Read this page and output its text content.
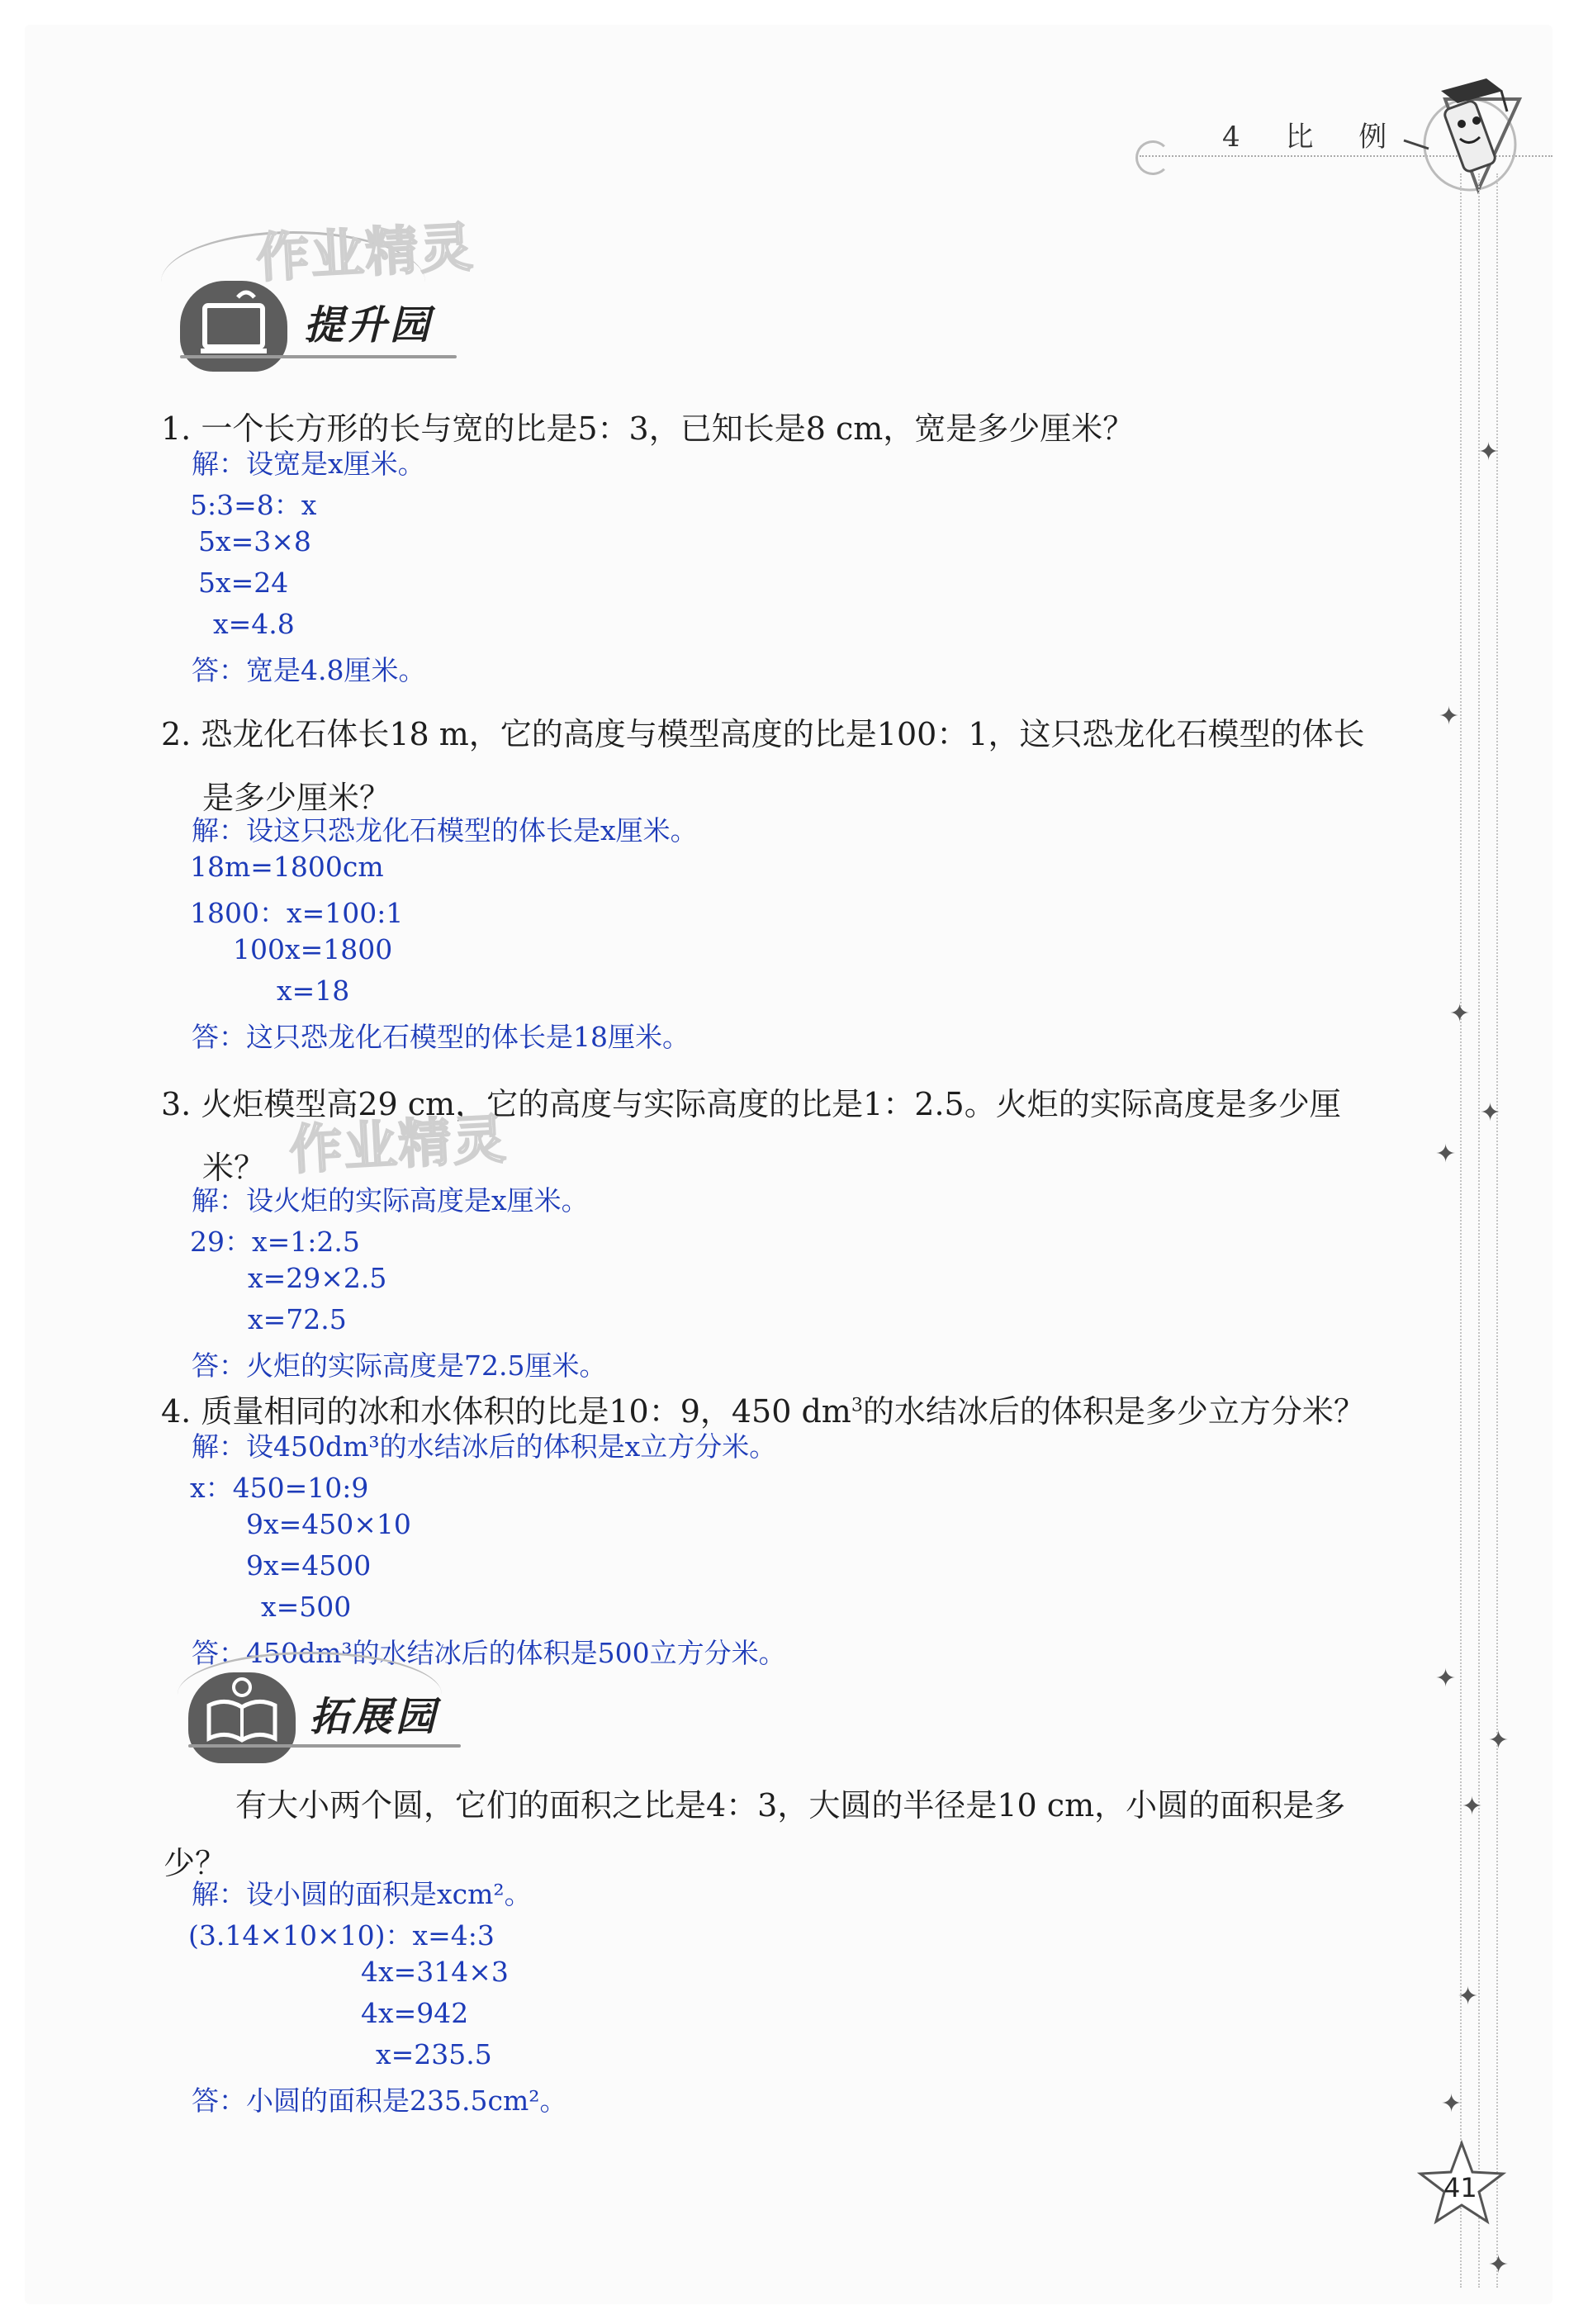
4 比 例
✦
✦
✦
✦
✦
✦
✦
✦
✦
✦
✦
41
作业精灵
提升园
1. 一个长方形的长与宽的比是5：3，已知长是8 cm，宽是多少厘米？
解：设宽是x厘米。
5:3=8：x
5x=3×8
5x=24
x=4.8
答：宽是4.8厘米。
2. 恐龙化石体长18 m，它的高度与模型高度的比是100：1，这只恐龙化石模型的体长
是多少厘米？
解：设这只恐龙化石模型的体长是x厘米。
18m=1800cm
1800：x=100:1
100x=1800
x=18
答：这只恐龙化石模型的体长是18厘米。
3. 火炬模型高29 cm，它的高度与实际高度的比是1：2.5。火炬的实际高度是多少厘
米？ 作业精灵
解：设火炬的实际高度是x厘米。
29：x=1:2.5
x=29×2.5
x=72.5
答：火炬的实际高度是72.5厘米。
4. 质量相同的冰和水体积的比是10：9，450 $dm^3$的水结冰后的体积是多少立方分米？
解：设450dm³的水结冰后的体积是x立方分米。
x：450=10:9
9x=450×10
9x=4500
x=500
答：450dm³的水结冰后的体积是500立方分米。
拓展园
有大小两个圆，它们的面积之比是4：3，大圆的半径是10 cm，小圆的面积是多
少？
解：设小圆的面积是xcm²。
(3.14×10×10)：x=4:3
4x=314×3
4x=942
x=235.5
答：小圆的面积是235.5cm²。
